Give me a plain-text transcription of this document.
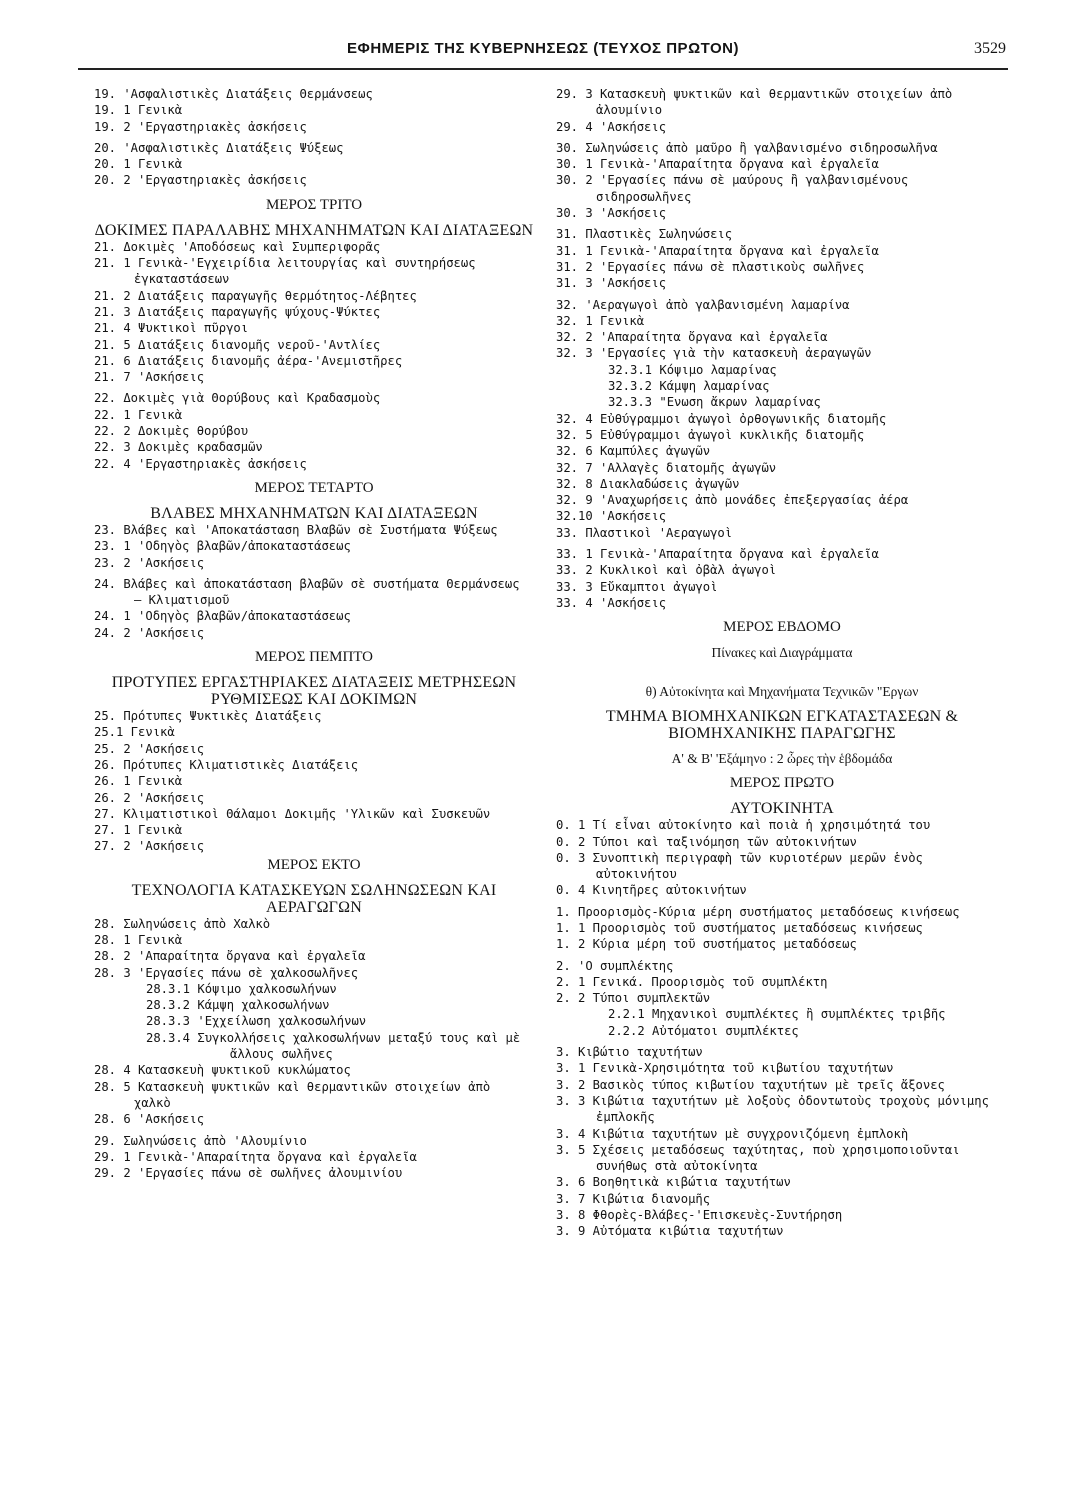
ΕΦΗΜΕΡΙΣ ΤΗΣ ΚΥΒΕΡΝΗΣΕΩΣ (ΤΕΥΧΟΣ ΠΡΩΤΟΝ)	3529
19. 'Ασφαλιστικὲς Διατάξεις Θερμάνσεως
19. 1 Γενικὰ
19. 2 'Εργαστηριακὲς ἀσκήσεις
20. 'Ασφαλιστικὲς Διατάξεις Ψύξεως
20. 1 Γενικὰ
20. 2 'Εργαστηριακὲς ἀσκήσεις
ΜΕΡΟΣ ΤΡΙΤΟ
ΔΟΚΙΜΕΣ ΠΑΡΑΛΑΒΗΣ ΜΗΧΑΝΗΜΑΤΩΝ ΚΑΙ ΔΙΑΤΑΞΕΩΝ
21. Δοκιμὲς 'Αποδόσεως καὶ Συμπεριφορᾶς
21. 1 Γενικὰ-'Εγχειρίδια λειτουργίας καὶ συντηρήσεως ἐγκαταστάσεων
21. 2 Διατάξεις παραγωγῆς θερμότητος-Λέβητες
21. 3 Διατάξεις παραγωγῆς ψύχους-Ψύκτες
21. 4 Ψυκτικοὶ πῦργοι
21. 5 Διατάξεις διανομῆς νεροῦ-'Αντλίες
21. 6 Διατάξεις διανομῆς ἀέρα-'Ανεμιστῆρες
21. 7 'Ασκήσεις
22. Δοκιμὲς γιὰ Θορύβους καὶ Κραδασμοὺς
22. 1 Γενικὰ
22. 2 Δοκιμὲς θορύβου
22. 3 Δοκιμὲς κραδασμῶν
22. 4 'Εργαστηριακὲς ἀσκήσεις
ΜΕΡΟΣ ΤΕΤΑΡΤΟ
ΒΛΑΒΕΣ ΜΗΧΑΝΗΜΑΤΩΝ ΚΑΙ ΔΙΑΤΑΞΕΩΝ
23. Βλάβες καὶ 'Αποκατάσταση Βλαβῶν σὲ Συστήματα Ψύξεως
23. 1 'Οδηγὸς βλαβῶν/ἀποκαταστάσεως
23. 2 'Ασκήσεις
24. Βλάβες καὶ ἀποκατάσταση βλαβῶν σὲ συστήματα Θερμάνσεως – Κλιματισμοῦ
24. 1 'Οδηγὸς βλαβῶν/ἀποκαταστάσεως
24. 2 'Ασκήσεις
ΜΕΡΟΣ ΠΕΜΠΤΟ
ΠΡΟΤΥΠΕΣ ΕΡΓΑΣΤΗΡΙΑΚΕΣ ΔΙΑΤΑΞΕΙΣ ΜΕΤΡΗΣΕΩΝ ΡΥΘΜΙΣΕΩΣ ΚΑΙ ΔΟΚΙΜΩΝ
25. Πρότυπες Ψυκτικὲς Διατάξεις
25.1 Γενικὰ
25. 2 'Ασκήσεις
26. Πρότυπες Κλιματιστικὲς Διατάξεις
26. 1 Γενικὰ
26. 2 'Ασκήσεις
27. Κλιματιστικοὶ Θάλαμοι Δοκιμῆς 'Υλικῶν καὶ Συσκευῶν
27. 1 Γενικὰ
27. 2 'Ασκήσεις
ΜΕΡΟΣ ΕΚΤΟ
ΤΕΧΝΟΛΟΓΙΑ ΚΑΤΑΣΚΕΥΩΝ ΣΩΛΗΝΩΣΕΩΝ ΚΑΙ ΑΕΡΑΓΩΓΩΝ
28. Σωληνώσεις ἀπὸ Χαλκὸ
28. 1 Γενικὰ
28. 2 'Απαραίτητα ὄργανα καὶ ἐργαλεῖα
28. 3 'Εργασίες πάνω σὲ χαλκοσωλῆνες
28.3.1 Κόψιμο χαλκοσωλήνων
28.3.2 Κάμψη χαλκοσωλήνων
28.3.3 'Εχχείλωση χαλκοσωλήνων
28.3.4 Συγκολλήσεις χαλκοσωλήνων μεταξύ τους καὶ μὲ ἄλλους σωλῆνες
28. 4 Κατασκευὴ ψυκτικοῦ κυκλώματος
28. 5 Κατασκευὴ ψυκτικῶν καὶ θερμαντικῶν στοιχείων ἀπὸ χαλκὸ
28. 6 'Ασκήσεις
29. Σωληνώσεις ἀπὸ 'Αλουμίνιο
29. 1 Γενικὰ-'Απαραίτητα ὄργανα καὶ ἐργαλεῖα
29. 2 'Εργασίες πάνω σὲ σωλῆνες ἀλουμινίου
29. 3 Κατασκευὴ ψυκτικῶν καὶ θερμαντικῶν στοιχείων ἀπὸ ἀλουμίνιο
29. 4 'Ασκήσεις
30. Σωληνώσεις ἀπὸ μαῦρο ἢ γαλβανισμένο σιδηροσωλῆνα
30. 1 Γενικὰ-'Απαραίτητα ὄργανα καὶ ἐργαλεῖα
30. 2 'Εργασίες πάνω σὲ μαύρους ἢ γαλβανισμένους σιδηροσωλῆνες
30. 3 'Ασκήσεις
31. Πλαστικὲς Σωληνώσεις
31. 1 Γενικὰ-'Απαραίτητα ὄργανα καὶ ἐργαλεῖα
31. 2 'Εργασίες πάνω σὲ πλαστικοὺς σωλῆνες
31. 3 'Ασκήσεις
32. 'Αεραγωγοὶ ἀπὸ γαλβανισμένη λαμαρίνα
32. 1 Γενικὰ
32. 2 'Απαραίτητα ὄργανα καὶ ἐργαλεῖα
32. 3 'Εργασίες γιὰ τὴν κατασκευὴ ἀεραγωγῶν
32.3.1 Κόψιμο λαμαρίνας
32.3.2 Κάμψη λαμαρίνας
32.3.3 "Ενωση ἄκρων λαμαρίνας
32. 4 Εὐθύγραμμοι ἀγωγοὶ ὀρθογωνικῆς διατομῆς
32. 5 Εὐθύγραμμοι ἀγωγοὶ κυκλικῆς διατομῆς
32. 6 Καμπύλες ἀγωγῶν
32. 7 'Αλλαγὲς διατομῆς ἀγωγῶν
32. 8 Διακλαδώσεις ἀγωγῶν
32. 9 'Αναχωρήσεις ἀπὸ μονάδες ἐπεξεργασίας ἀέρα
32.10 'Ασκήσεις
33. Πλαστικοὶ 'Αεραγωγοὶ
33. 1 Γενικὰ-'Απαραίτητα ὄργανα καὶ ἐργαλεῖα
33. 2 Κυκλικοὶ καὶ ὀβὰλ ἀγωγοὶ
33. 3 Εὔκαμπτοι ἀγωγοὶ
33. 4 'Ασκήσεις
ΜΕΡΟΣ ΕΒΔΟΜΟ
Πίνακες καὶ Διαγράμματα
θ) Αὐτοκίνητα καὶ Μηχανήματα Τεχνικῶν "Εργων
ΤΜΗΜΑ ΒΙΟΜΗΧΑΝΙΚΩΝ ΕΓΚΑΤΑΣΤΑΣΕΩΝ & ΒΙΟΜΗΧΑΝΙΚΗΣ ΠΑΡΑΓΩΓΗΣ
Α' & Β' 'Εξάμηνο : 2 ὧρες τὴν ἑβδομάδα
ΜΕΡΟΣ ΠΡΩΤΟ
ΑΥΤΟΚΙΝΗΤΑ
0. 1 Τί εἶναι αὐτοκίνητο καὶ ποιὰ ἡ χρησιμότητά του
0. 2 Τύποι καὶ ταξινόμηση τῶν αὐτοκινήτων
0. 3 Συνοπτικὴ περιγραφὴ τῶν κυριοτέρων μερῶν ἑνὸς αὐτοκινήτου
0. 4 Κινητῆρες αὐτοκινήτων
1. Προορισμὸς-Κύρια μέρη συστήματος μεταδόσεως κινήσεως
1. 1 Προορισμὸς τοῦ συστήματος μεταδόσεως κινήσεως
1. 2 Κύρια μέρη τοῦ συστήματος μεταδόσεως
2. 'Ο συμπλέκτης
2. 1 Γενικά. Προορισμὸς τοῦ συμπλέκτη
2. 2 Τύποι συμπλεκτῶν
2.2.1 Μηχανικοὶ συμπλέκτες ἢ συμπλέκτες τριβῆς
2.2.2 Αὐτόματοι συμπλέκτες
3. Κιβώτιο ταχυτήτων
3. 1 Γενικὰ-Χρησιμότητα τοῦ κιβωτίου ταχυτήτων
3. 2 Βασικὸς τύπος κιβωτίου ταχυτήτων μὲ τρεῖς ἄξονες
3. 3 Κιβώτια ταχυτήτων μὲ λοξοὺς ὀδοντωτοὺς τροχοὺς μόνιμης ἐμπλοκῆς
3. 4 Κιβώτια ταχυτήτων μὲ συγχρονιζόμενη ἐμπλοκὴ
3. 5 Σχέσεις μεταδόσεως ταχύτητας, ποὺ χρησιμοποιοῦνται συνήθως στὰ αὐτοκίνητα
3. 6 Βοηθητικὰ κιβώτια ταχυτήτων
3. 7 Κιβώτια διανομῆς
3. 8 Φθορὲς-Βλάβες-'Επισκευὲς-Συντήρηση
3. 9 Αὐτόματα κιβώτια ταχυτήτων
